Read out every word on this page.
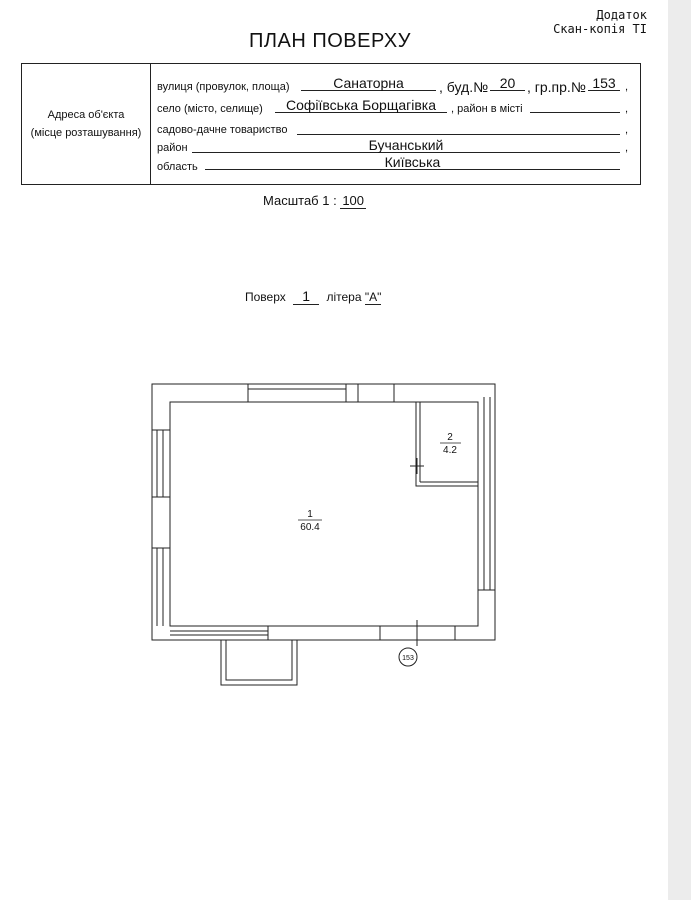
Додаток
Скан-копія ТІ
ПЛАН ПОВЕРХУ
Адреса об'єкта
(місце розташування)
вулиця (провулок, площа)	Санаторна	, буд.№ 20 , гр.пр.№ 153 ,
село (місто, селище)	Софіївська Борщагівка	, район в місті	,
садово-дачне товариство	,
район	Бучанський	,
область	Київська
Масштаб 1 : 100
Поверх 1 літера "А"
1
60.4
2
4.2
153
